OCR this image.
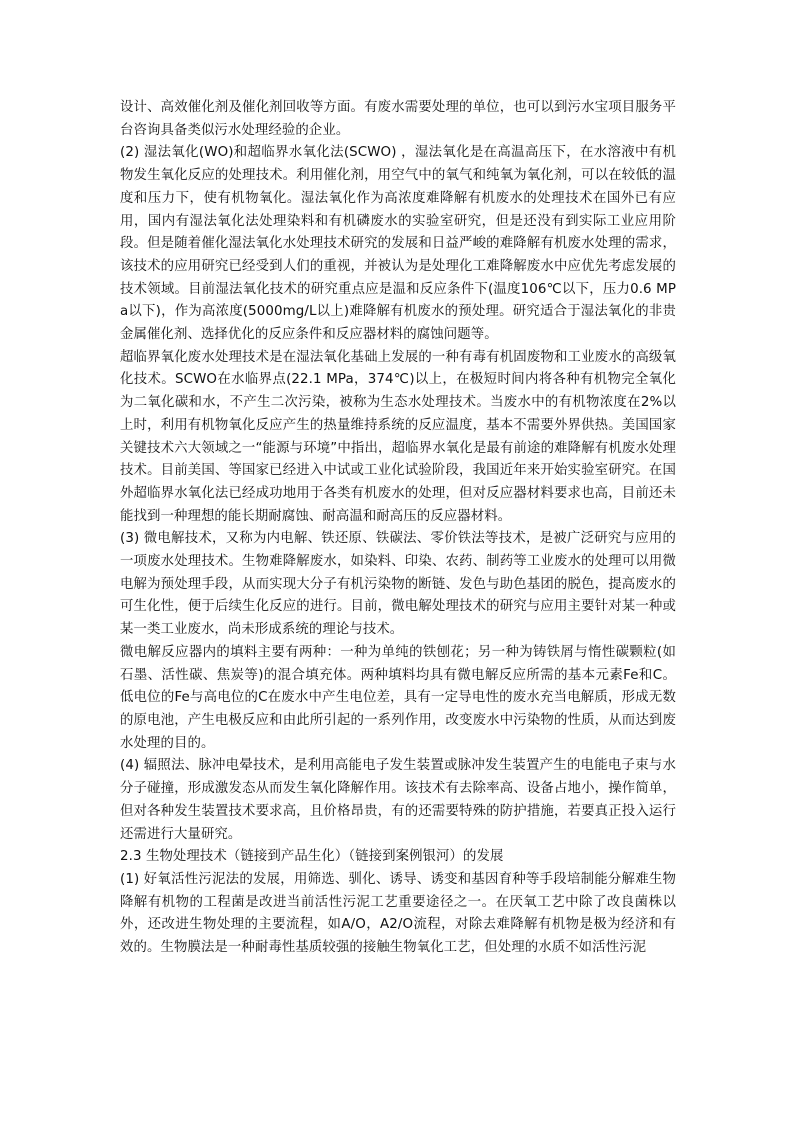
设计、高效催化剂及催化剂回收等方面。有废水需要处理的单位，也可以到污水宝项目服务平台咨询具备类似污水处理经验的企业。

(2) 湿法氧化(WO)和超临界水氧化法(SCWO) ，湿法氧化是在高温高压下，在水溶液中有机物发生氧化反应的处理技术。利用催化剂，用空气中的氧气和纯氧为氧化剂，可以在较低的温度和压力下，使有机物氧化。湿法氧化作为高浓度难降解有机废水的处理技术在国外已有应用，国内有湿法氧化法处理染料和有机磷废水的实验室研究，但是还没有到实际工业应用阶段。但是随着催化湿法氧化水处理技术研究的发展和日益严峻的难降解有机废水处理的需求，该技术的应用研究已经受到人们的重视，并被认为是处理化工难降解废水中应优先考虑发展的技术领域。目前湿法氧化技术的研究重点应是温和反应条件下(温度106℃以下，压力0.6 MPa以下)，作为高浓度(5000mg/L以上)难降解有机废水的预处理。研究适合于湿法氧化的非贵金属催化剂、选择优化的反应条件和反应器材料的腐蚀问题等。

超临界氧化废水处理技术是在湿法氧化基础上发展的一种有毒有机固废物和工业废水的高级氧化技术。SCWO在水临界点(22.1 MPa，374℃)以上，在极短时间内将各种有机物完全氧化为二氧化碳和水，不产生二次污染，被称为生态水处理技术。当废水中的有机物浓度在2%以上时，利用有机物氧化反应产生的热量维持系统的反应温度，基本不需要外界供热。美国国家关键技术六大领域之一“能源与环境”中指出，超临界水氧化是最有前途的难降解有机废水处理技术。目前美国、等国家已经进入中试或工业化试验阶段，我国近年来开始实验室研究。在国外超临界水氧化法已经成功地用于各类有机废水的处理，但对反应器材料要求也高，目前还未能找到一种理想的能长期耐腐蚀、耐高温和耐高压的反应器材料。

(3) 微电解技术，又称为内电解、铁还原、铁碳法、零价铁法等技术，是被广泛研究与应用的一项废水处理技术。生物难降解废水，如染料、印染、农药、制药等工业废水的处理可以用微电解为预处理手段，从而实现大分子有机污染物的断链、发色与助色基团的脱色，提高废水的可生化性，便于后续生化反应的进行。目前，微电解处理技术的研究与应用主要针对某一种或某一类工业废水，尚未形成系统的理论与技术。

微电解反应器内的填料主要有两种：一种为单纯的铁刨花；另一种为铸铁屑与惰性碳颗粒(如石墨、活性碳、焦炭等)的混合填充体。两种填料均具有微电解反应所需的基本元素Fe和C。低电位的Fe与高电位的C在废水中产生电位差，具有一定导电性的废水充当电解质，形成无数的原电池，产生电极反应和由此所引起的一系列作用，改变废水中污染物的性质，从而达到废水处理的目的。

(4) 辐照法、脉冲电晕技术，是利用高能电子发生装置或脉冲发生装置产生的电能电子束与水分子碰撞，形成激发态从而发生氧化降解作用。该技术有去除率高、设备占地小，操作简单，但对各种发生装置技术要求高，且价格昂贵，有的还需要特殊的防护措施，若要真正投入运行还需进行大量研究。

2.3 生物处理技术（链接到产品生化）（链接到案例银河）的发展

(1) 好氧活性污泥法的发展，用筛选、驯化、诱导、诱变和基因育种等手段培制能分解难生物降解有机物的工程菌是改进当前活性污泥工艺重要途径之一。在厌氧工艺中除了改良菌株以外，还改进生物处理的主要流程，如A/O，A2/O流程，对除去难降解有机物是极为经济和有效的。生物膜法是一种耐毒性基质较强的接触生物氧化工艺，但处理的水质不如活性污泥
